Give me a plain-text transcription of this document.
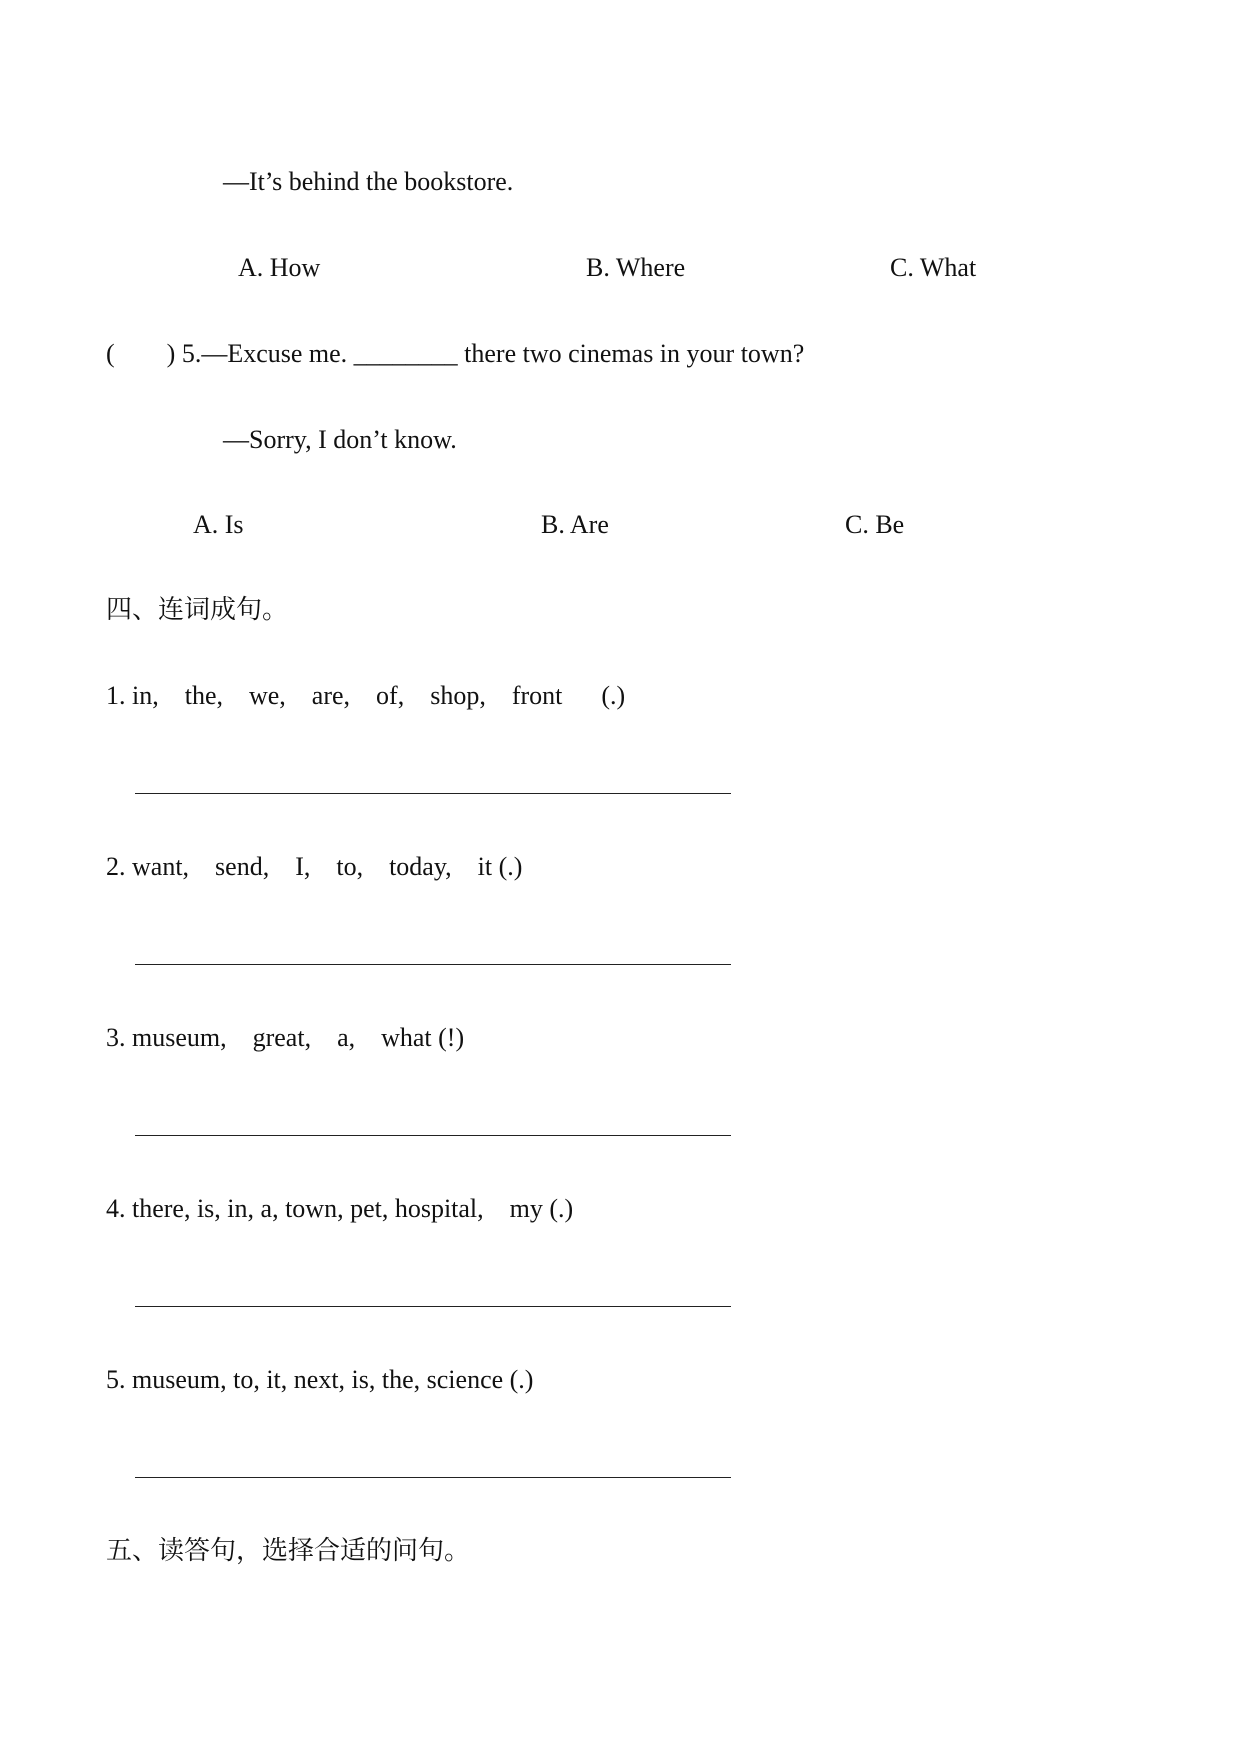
—It’s behind the bookstore.
A. How	B. Where	C. What
(        ) 5.—Excuse me. ________ there two cinemas in your town?
—Sorry, I don’t know.
A. Is	B. Are	C. Be
四、连词成句。
1. in,    the,    we,    are,    of,    shop,    front      (.)
2. want,    send,    I,    to,    today,    it (.)
3. museum,    great,    a,    what (!)
4. there, is, in, a, town, pet, hospital,    my (.)
5. museum, to, it, next, is, the, science (.)
五、读答句，选择合适的问句。
